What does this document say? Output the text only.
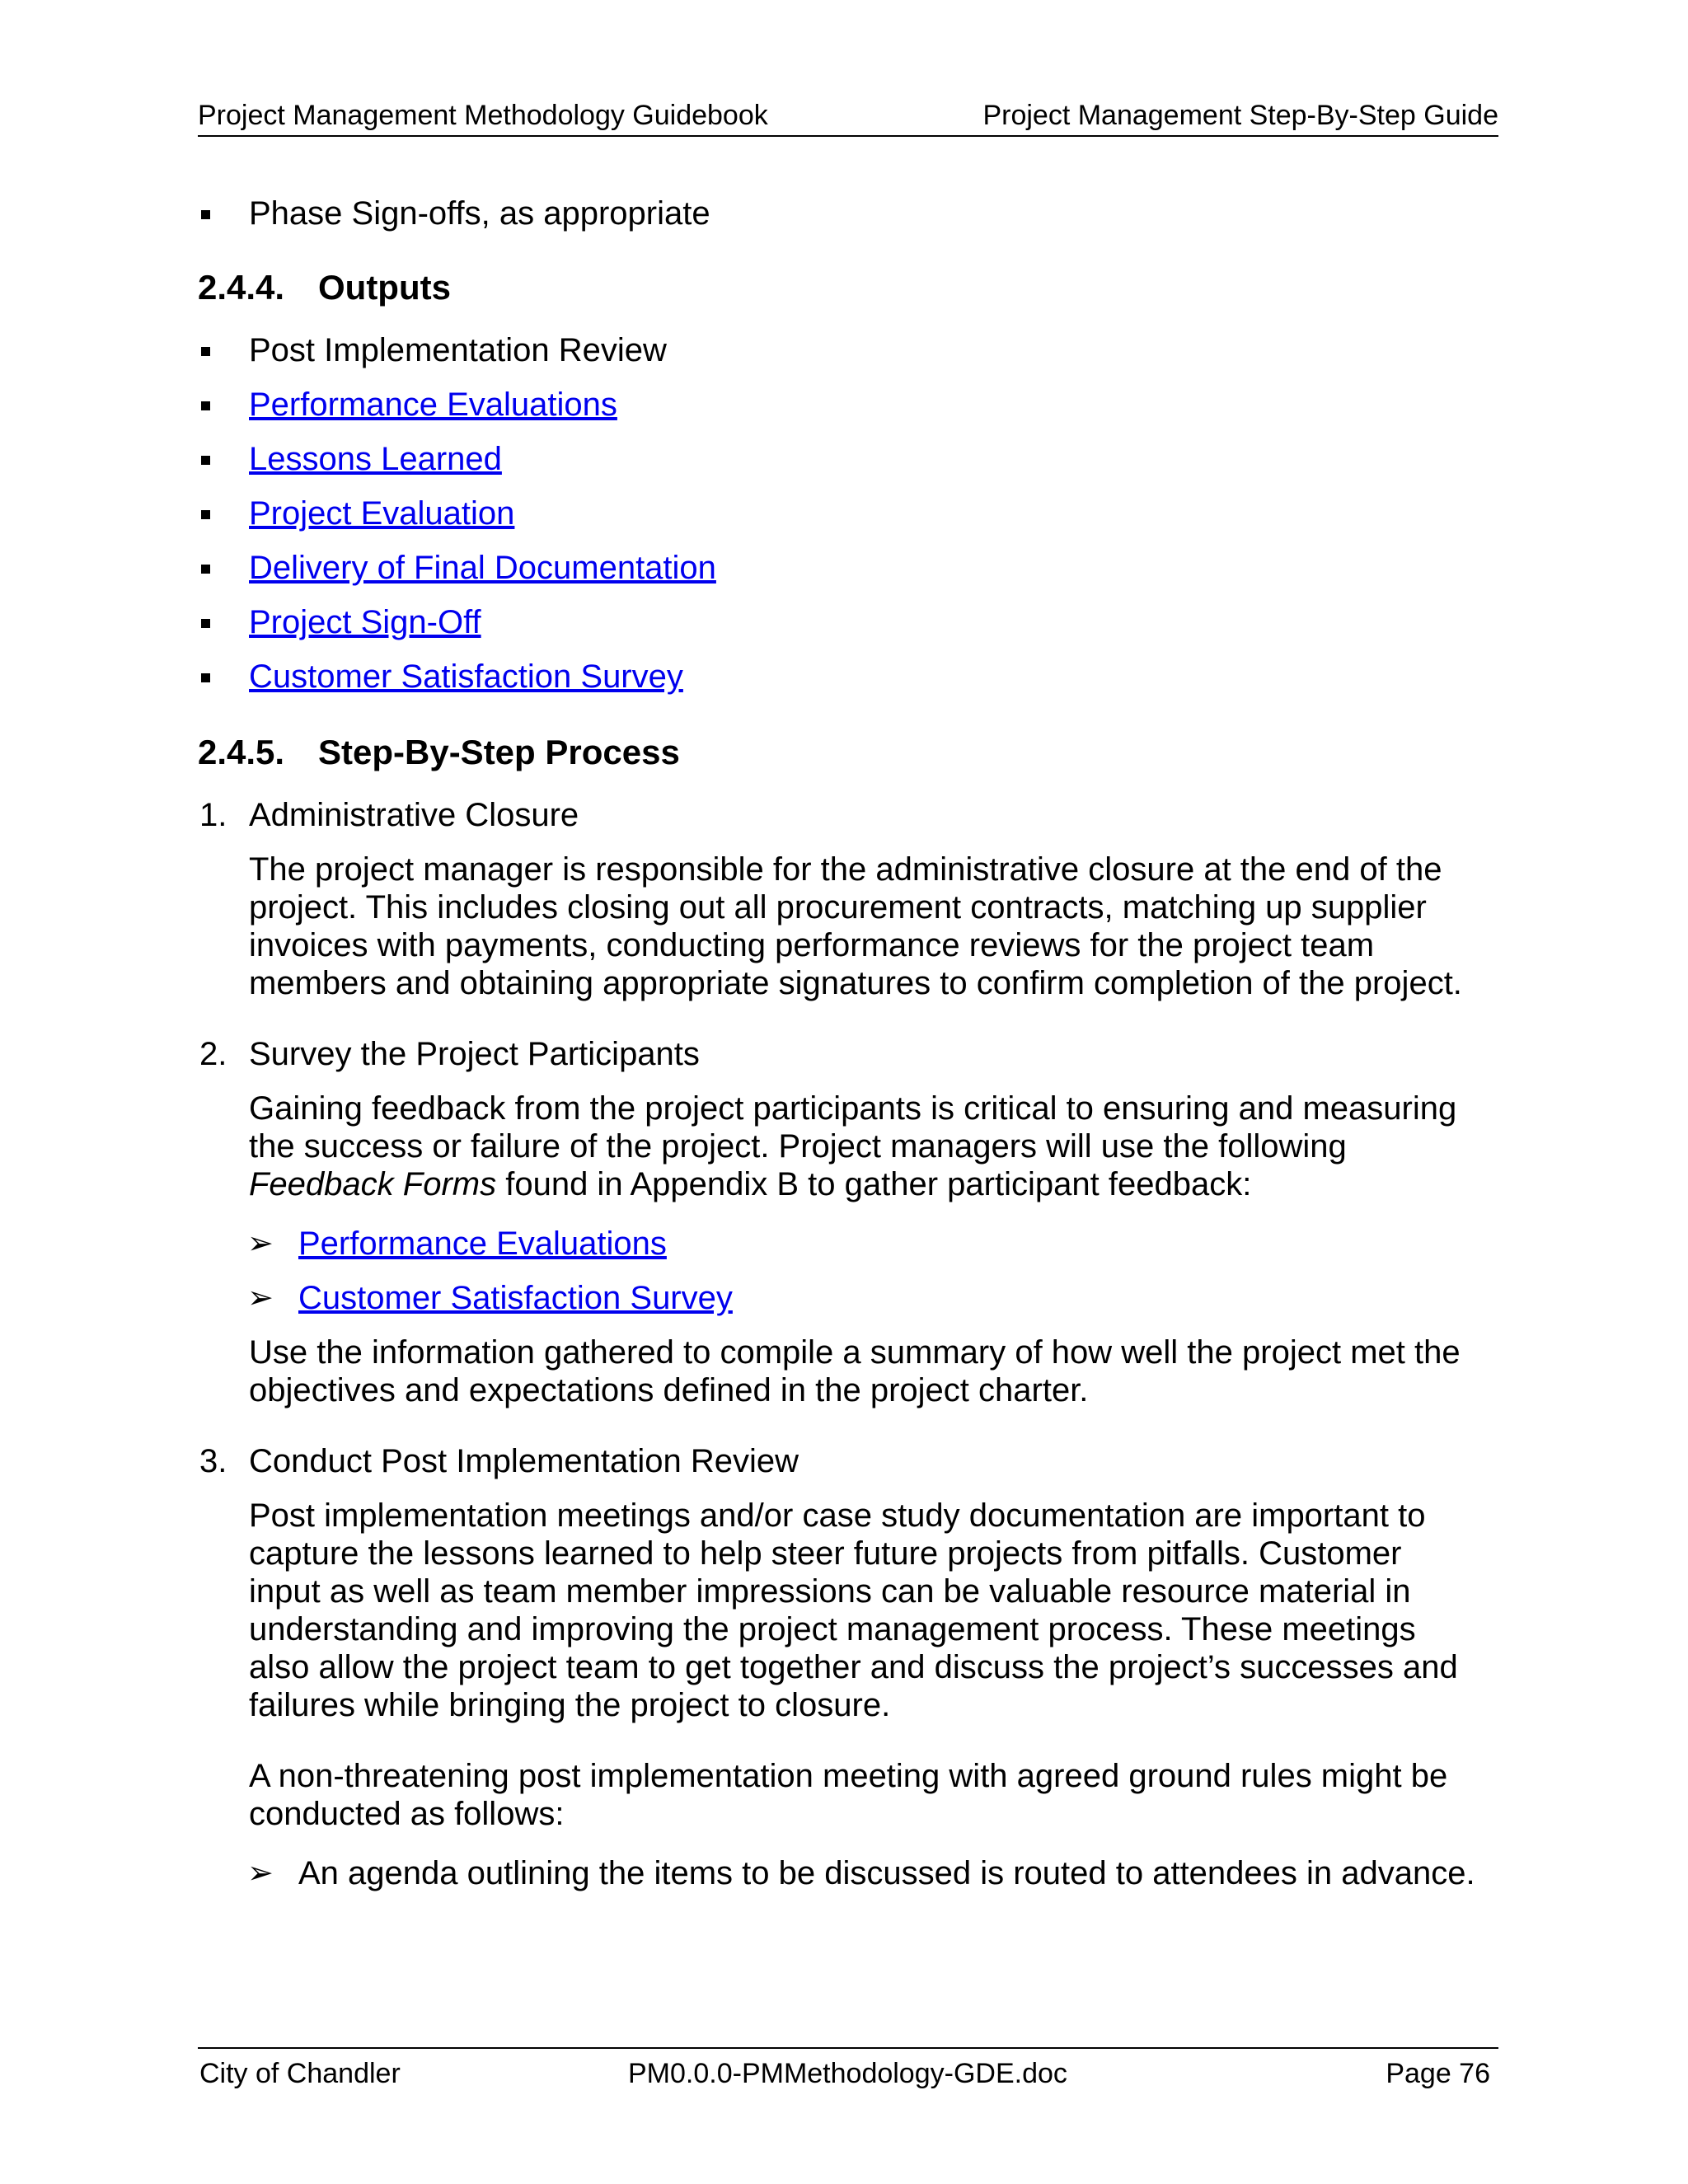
Project Management Methodology Guidebook	Project Management Step-By-Step Guide
Phase Sign-offs, as appropriate
2.4.4. Outputs
Post Implementation Review
Performance Evaluations
Lessons Learned
Project Evaluation
Delivery of Final Documentation
Project Sign-Off
Customer Satisfaction Survey
2.4.5. Step-By-Step Process
1. Administrative Closure
The project manager is responsible for the administrative closure at the end of the
project. This includes closing out all procurement contracts, matching up supplier
invoices with payments, conducting performance reviews for the project team
members and obtaining appropriate signatures to confirm completion of the project.
2. Survey the Project Participants
Gaining feedback from the project participants is critical to ensuring and measuring
the success or failure of the project. Project managers will use the following
Feedback Forms found in Appendix B to gather participant feedback:
➢ Performance Evaluations
➢ Customer Satisfaction Survey
Use the information gathered to compile a summary of how well the project met the
objectives and expectations defined in the project charter.
3. Conduct Post Implementation Review
Post implementation meetings and/or case study documentation are important to
capture the lessons learned to help steer future projects from pitfalls. Customer
input as well as team member impressions can be valuable resource material in
understanding and improving the project management process. These meetings
also allow the project team to get together and discuss the project’s successes and
failures while bringing the project to closure.
A non-threatening post implementation meeting with agreed ground rules might be
conducted as follows:
➢ An agenda outlining the items to be discussed is routed to attendees in advance.
City of Chandler	PM0.0.0-PMMethodology-GDE.doc	Page 76
